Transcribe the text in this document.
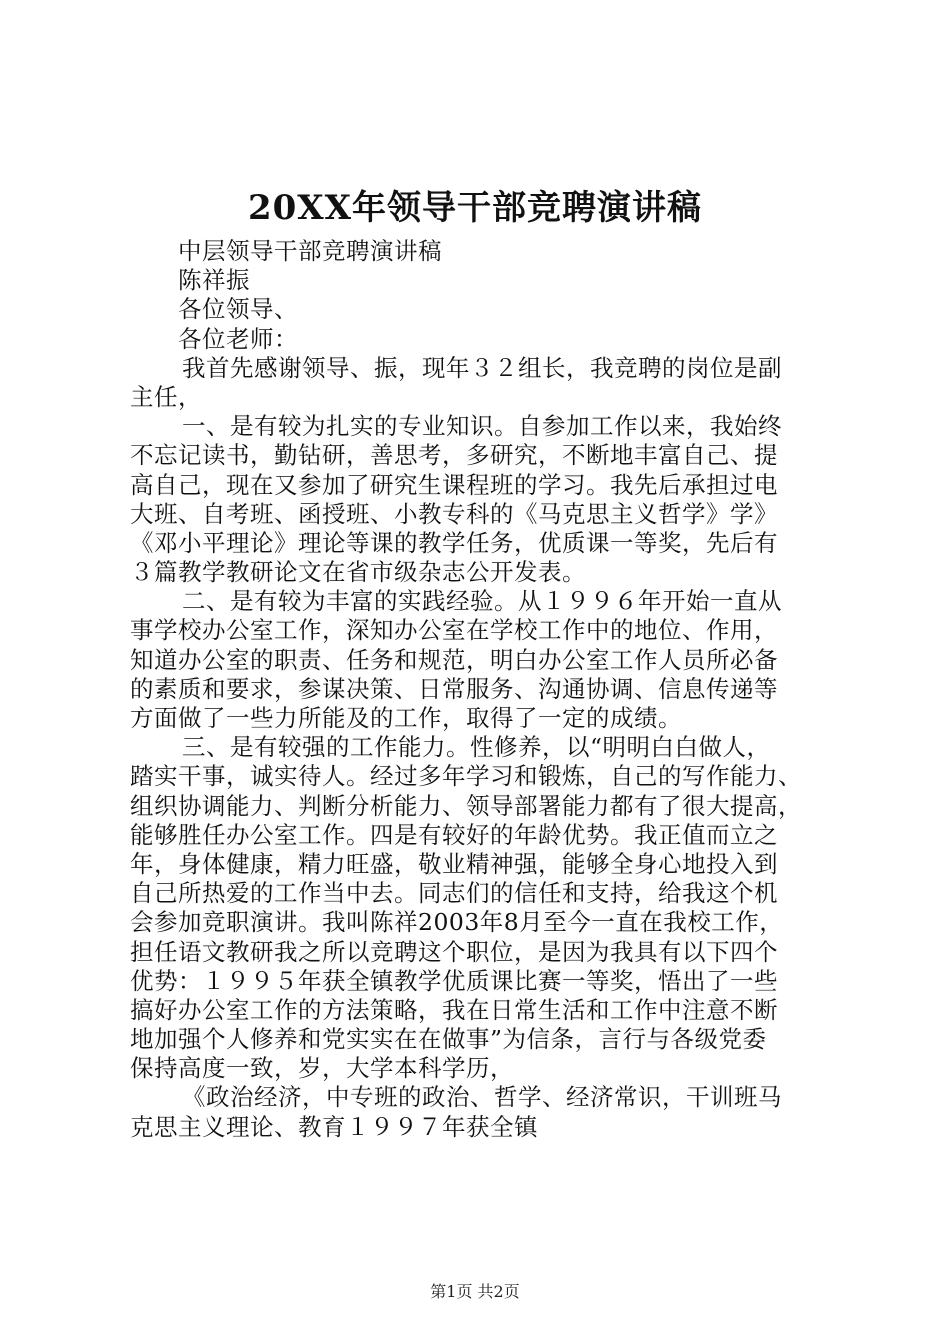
20XX年领导干部竞聘演讲稿
中层领导干部竞聘演讲稿
陈祥振
各位领导、
各位老师：
我首先感谢领导、振，现年３２组长，我竞聘的岗位是副
主任，
一、是有较为扎实的专业知识。自参加工作以来，我始终
不忘记读书，勤钻研，善思考，多研究，不断地丰富自己、提
高自己，现在又参加了研究生课程班的学习。我先后承担过电
大班、自考班、函授班、小教专科的《马克思主义哲学》学》
《邓小平理论》理论等课的教学任务，优质课一等奖，先后有
３篇教学教研论文在省市级杂志公开发表。
二、是有较为丰富的实践经验。从１９９６年开始一直从
事学校办公室工作，深知办公室在学校工作中的地位、作用，
知道办公室的职责、任务和规范，明白办公室工作人员所必备
的素质和要求，参谋决策、日常服务、沟通协调、信息传递等
方面做了一些力所能及的工作，取得了一定的成绩。
三、是有较强的工作能力。性修养，以“明明白白做人，
踏实干事，诚实待人。经过多年学习和锻炼，自己的写作能力、
组织协调能力、判断分析能力、领导部署能力都有了很大提高，
能够胜任办公室工作。四是有较好的年龄优势。我正值而立之
年，身体健康，精力旺盛，敬业精神强，能够全身心地投入到
自己所热爱的工作当中去。同志们的信任和支持，给我这个机
会参加竞职演讲。我叫陈祥2003年8月至今一直在我校工作，
担任语文教研我之所以竞聘这个职位，是因为我具有以下四个
优势：１９９５年获全镇教学优质课比赛一等奖，悟出了一些
搞好办公室工作的方法策略，我在日常生活和工作中注意不断
地加强个人修养和党实实在在做事”为信条，言行与各级党委
保持高度一致，岁，大学本科学历，
《政治经济，中专班的政治、哲学、经济常识，干训班马
克思主义理论、教育１９９７年获全镇
第1页 共2页
